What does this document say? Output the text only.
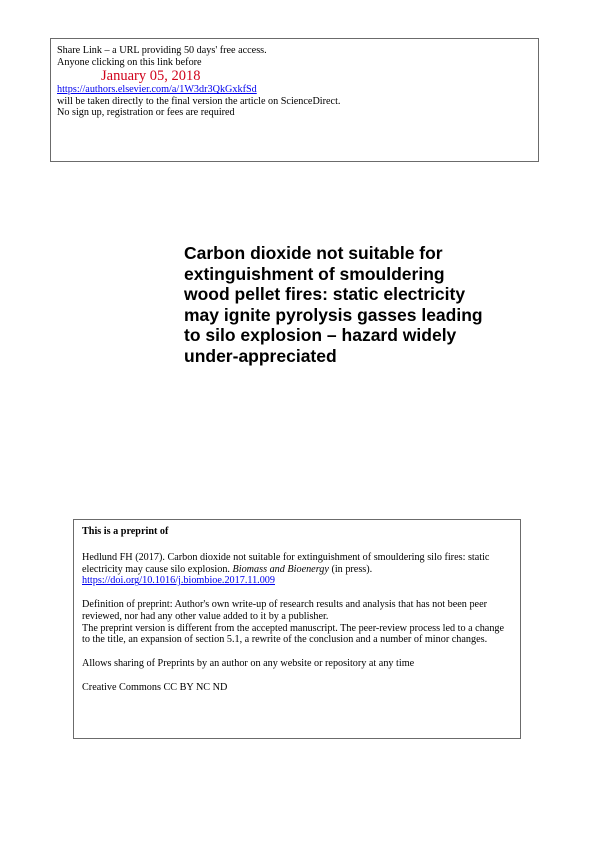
Share Link – a URL providing 50 days' free access.
Anyone clicking on this link before
January 05, 2018
https://authors.elsevier.com/a/1W3dr3QkGxkfSd
will be taken directly to the final version the article on ScienceDirect.
No sign up, registration or fees are required
Carbon dioxide not suitable for extinguishment of smouldering wood pellet fires: static electricity may ignite pyrolysis gasses leading to silo explosion – hazard widely under-appreciated

This is a preprint of

Hedlund FH (2017). Carbon dioxide not suitable for extinguishment of smouldering silo fires: static electricity may cause silo explosion. Biomass and Bioenergy (in press).
https://doi.org/10.1016/j.biombioe.2017.11.009

Definition of preprint: Author's own write-up of research results and analysis that has not been peer reviewed, nor had any other value added to it by a publisher.

The preprint version is different from the accepted manuscript. The peer-review process led to a change to the title, an expansion of section 5.1, a rewrite of the conclusion and a number of minor changes.

Allows sharing of Preprints by an author on any website or repository at any time

Creative Commons CC BY NC ND
